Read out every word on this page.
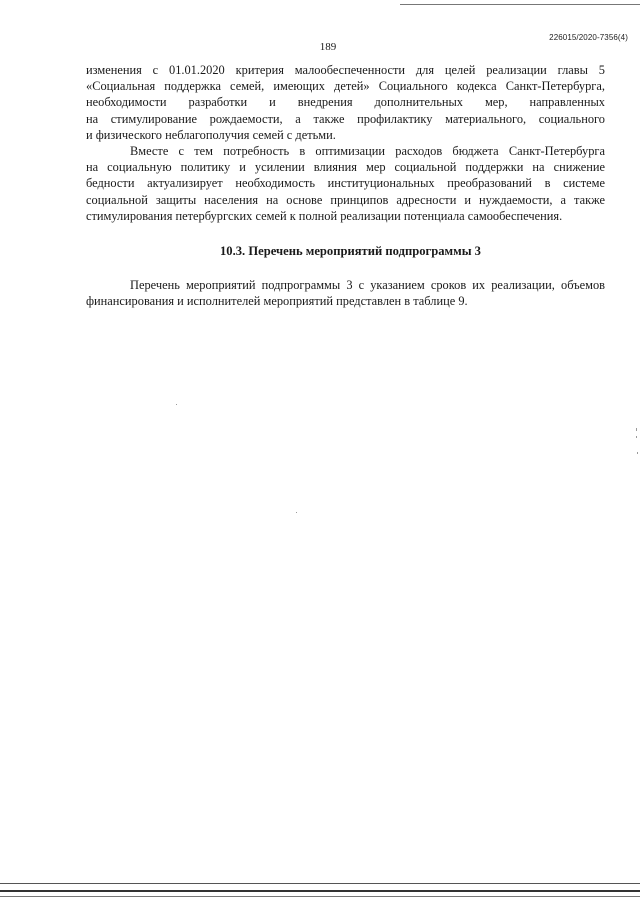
226015/2020-7356(4)
189
изменения с 01.01.2020 критерия малообеспеченности для целей реализации главы 5
«Социальная поддержка семей, имеющих детей» Социального кодекса Санкт-Петербурга,
необходимости разработки и внедрения дополнительных мер, направленных
на стимулирование рождаемости, а также профилактику материального, социального
и физического неблагополучия семей с детьми.
Вместе с тем потребность в оптимизации расходов бюджета Санкт-Петербурга
на социальную политику и усилении влияния мер социальной поддержки на снижение
бедности актуализирует необходимость институциональных преобразований в системе
социальной защиты населения на основе принципов адресности и нуждаемости, а также
стимулирования петербургских семей к полной реализации потенциала самообеспечения.
10.3. Перечень мероприятий подпрограммы 3
Перечень мероприятий подпрограммы 3 с указанием сроков их реализации, объемов
финансирования и исполнителей мероприятий представлен в таблице 9.
